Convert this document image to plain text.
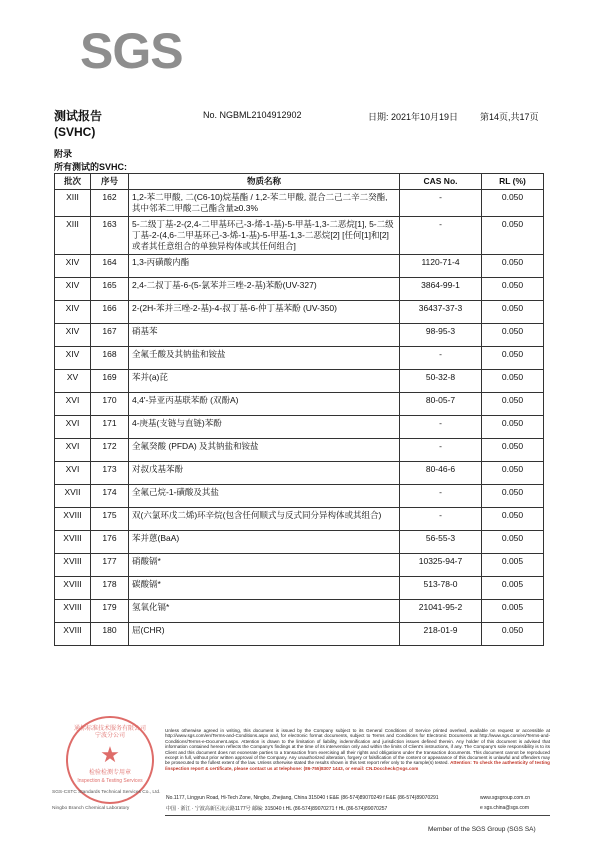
SGS
测试报告
(SVHC)
No. NGBML2104912902	日期: 2021年10月19日 第14页,共17页
附录
所有测试的SVHC:
批次	序号	物质名称	CAS No.	RL (%)
XIII	162	1,2-苯二甲酸, 二(C6-10)烷基酯 / 1,2-苯二甲酸, 混合二己二辛二癸酯, 其中邻苯二甲酸二己酯含量≥0.3%	-	0.050
XIII	163	5-二级丁基-2-(2,4-二甲基环己-3-烯-1-基)-5-甲基-1,3-二恶烷[1], 5-二级丁基-2-(4,6-二甲基环己-3-烯-1-基)-5-甲基-1,3-二恶烷[2] [任何[1]和[2]或者其任意组合的单独异构体或其任何组合]	-	0.050
XIV	164	1,3-丙磺酸内酯	1120-71-4	0.050
XIV	165	2,4-二叔丁基-6-(5-氯苯并三唑-2-基)苯酚(UV-327)	3864-99-1	0.050
XIV	166	2-(2H-苯并三唑-2-基)-4-叔丁基-6-仲丁基苯酚 (UV-350)	36437-37-3	0.050
XIV	167	硝基苯	98-95-3	0.050
XIV	168	全氟壬酸及其钠盐和铵盐	-	0.050
XV	169	苯并(a)芘	50-32-8	0.050
XVI	170	4,4'-异亚丙基联苯酚 (双酚A)	80-05-7	0.050
XVI	171	4-庚基(支链与直链)苯酚	-	0.050
XVI	172	全氟癸酸 (PFDA) 及其钠盐和铵盐	-	0.050
XVI	173	对叔戊基苯酚	80-46-6	0.050
XVII	174	全氟己烷-1-磺酸及其盐	-	0.050
XVIII	175	双(六氯环戊二烯)环辛烷(包含任何顺式与反式同分异构体或其组合)	-	0.050
XVIII	176	苯并蒽(BaA)	56-55-3	0.050
XVIII	177	硝酸镉*	10325-94-7	0.005
XVIII	178	碳酸镉*	513-78-0	0.005
XVIII	179	氢氧化镉*	21041-95-2	0.005
XVIII	180	屈(CHR)	218-01-9	0.050
通标标准技术服务有限公司宁波分公司
★
检验检测专用章
Inspection & Testing Services
Unless otherwise agreed in writing, this document is issued by the Company subject to its General Conditions of Service printed overleaf, available on request or accessible at http://www.sgs.com/en/Terms-and-Conditions.aspx and, for electronic format documents, subject to Terms and Conditions for Electronic Documents at http://www.sgs.com/en/Terms-and-Conditions/Terms-e-Document.aspx. Attention is drawn to the limitation of liability, indemnification and jurisdiction issues defined therein. Any holder of this document is advised that information contained hereon reflects the Company's findings at the time of its intervention only and within the limits of Client's instructions, if any. The Company's sole responsibility is to its Client and this document does not exonerate parties to a transaction from exercising all their rights and obligations under the transaction documents. This document cannot be reproduced except in full, without prior written approval of the Company. Any unauthorized alteration, forgery or falsification of the content or appearance of this document is unlawful and offenders may be prosecuted to the fullest extent of the law. Unless otherwise stated the results shown in this test report refer only to the sample(s) tested. Attention: To check the authenticity of testing /inspection report & certificate, please contact us at telephone: (86-755)8307 1443, or email: CN.Doccheck@sgs.com
SGS-CSTC Standards Technical Services Co., Ltd.
Ningbo Branch Chemical Laboratory
No.1177, Lingyun Road, Hi-Tech Zone, Ningbo, Zhejiang, China 315040 t E&E (86-574)89070249 f E&E (86-574)89070291
中国 · 浙江 · 宁波高新区凌云路1177号 邮编: 315040 t HL (86-574)89070271 f HL (86-574)89070257
www.sgsgroup.com.cn
e sgs.china@sgs.com
Member of the SGS Group (SGS SA)
